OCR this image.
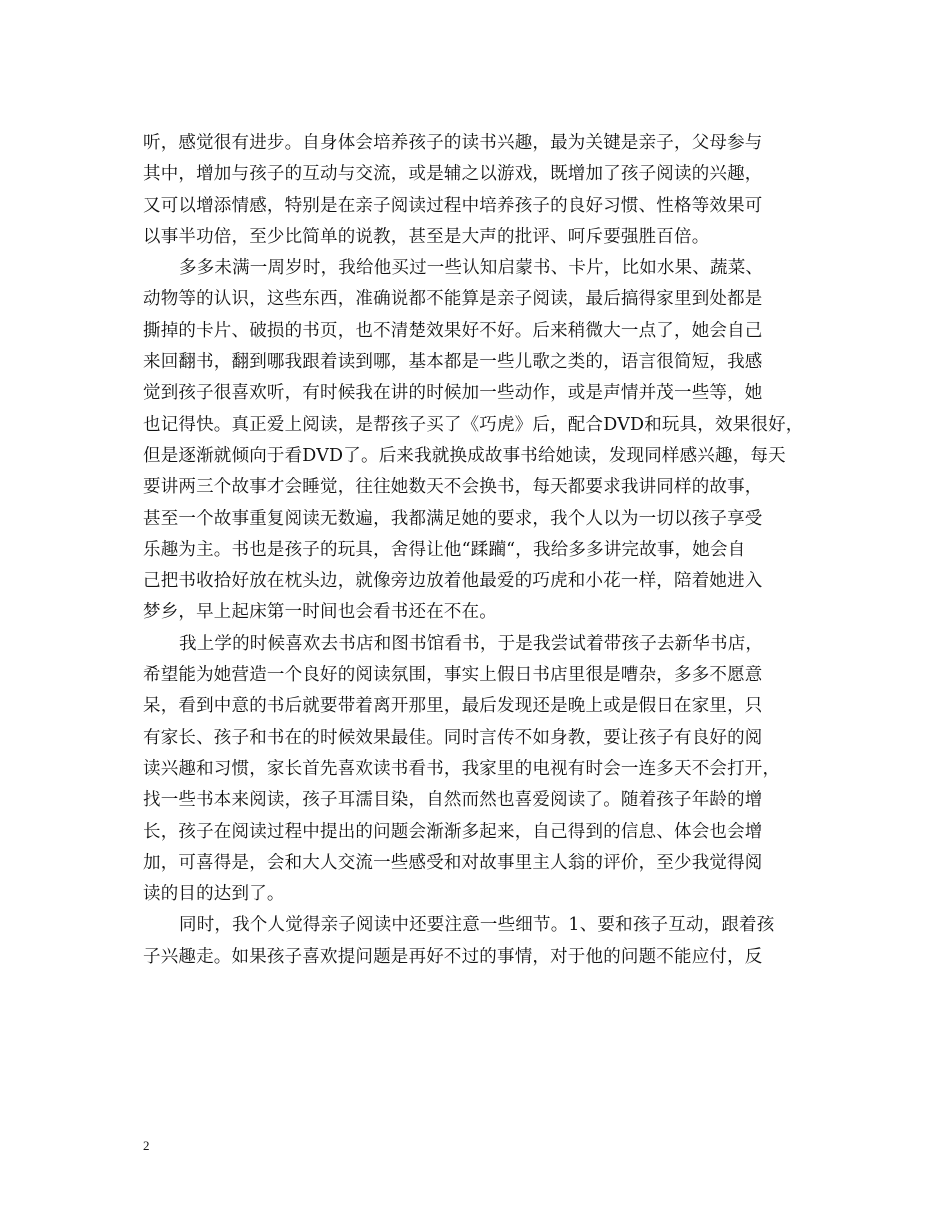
听，感觉很有进步。自身体会培养孩子的读书兴趣，最为关键是亲子，父母参与
其中，增加与孩子的互动与交流，或是辅之以游戏，既增加了孩子阅读的兴趣，
又可以增添情感，特别是在亲子阅读过程中培养孩子的良好习惯、性格等效果可
以事半功倍，至少比简单的说教，甚至是大声的批评、呵斥要强胜百倍。
多多未满一周岁时，我给他买过一些认知启蒙书、卡片，比如水果、蔬菜、
动物等的认识，这些东西，准确说都不能算是亲子阅读，最后搞得家里到处都是
撕掉的卡片、破损的书页，也不清楚效果好不好。后来稍微大一点了，她会自己
来回翻书，翻到哪我跟着读到哪，基本都是一些儿歌之类的，语言很简短，我感
觉到孩子很喜欢听，有时候我在讲的时候加一些动作，或是声情并茂一些等，她
也记得快。真正爱上阅读，是帮孩子买了《巧虎》后，配合DVD和玩具，效果很好，
但是逐渐就倾向于看DVD了。后来我就换成故事书给她读，发现同样感兴趣，每天
要讲两三个故事才会睡觉，往往她数天不会换书，每天都要求我讲同样的故事，
甚至一个故事重复阅读无数遍，我都满足她的要求，我个人以为一切以孩子享受
乐趣为主。书也是孩子的玩具，舍得让他“蹂躏“，我给多多讲完故事，她会自
己把书收拾好放在枕头边，就像旁边放着他最爱的巧虎和小花一样，陪着她进入
梦乡，早上起床第一时间也会看书还在不在。
我上学的时候喜欢去书店和图书馆看书，于是我尝试着带孩子去新华书店，
希望能为她营造一个良好的阅读氛围，事实上假日书店里很是嘈杂，多多不愿意
呆，看到中意的书后就要带着离开那里，最后发现还是晚上或是假日在家里，只
有家长、孩子和书在的时候效果最佳。同时言传不如身教，要让孩子有良好的阅
读兴趣和习惯，家长首先喜欢读书看书，我家里的电视有时会一连多天不会打开，
找一些书本来阅读，孩子耳濡目染，自然而然也喜爱阅读了。随着孩子年龄的增
长，孩子在阅读过程中提出的问题会渐渐多起来，自己得到的信息、体会也会增
加，可喜得是，会和大人交流一些感受和对故事里主人翁的评价，至少我觉得阅
读的目的达到了。
同时，我个人觉得亲子阅读中还要注意一些细节。1、要和孩子互动，跟着孩
子兴趣走。如果孩子喜欢提问题是再好不过的事情，对于他的问题不能应付，反
2
